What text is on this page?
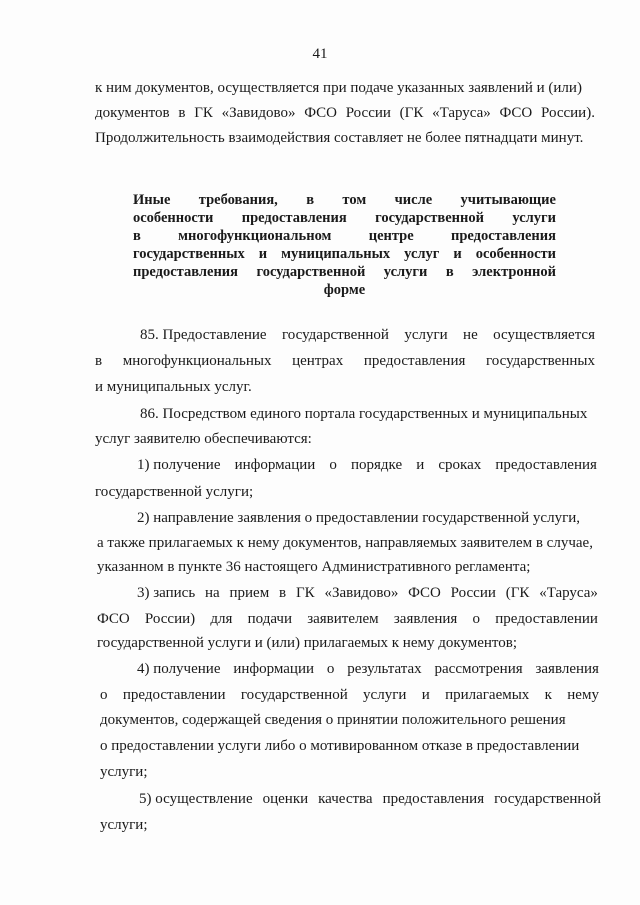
41
к ним документов, осуществляется при подаче указанных заявлений и (или)
документов в ГК «Завидово» ФСО России (ГК «Таруса» ФСО России).
Продолжительность взаимодействия составляет не более пятнадцати минут.
Иные требования, в том числе учитывающие
особенности предоставления государственной услуги
в	многофункциональном	центре	предоставления
государственных и муниципальных услуг и особенности
предоставления государственной услуги в электронной
форме
85. Предоставление государственной услуги не осуществляется
в многофункциональных центрах предоставления государственных
и муниципальных услуг.
86. Посредством единого портала государственных и муниципальных
услуг заявителю обеспечиваются:
1) получение информации о порядке и сроках предоставления
государственной услуги;
2) направление заявления о предоставлении государственной услуги,
а также прилагаемых к нему документов, направляемых заявителем в случае,
указанном в пункте 36 настоящего Административного регламента;
3) запись на прием в ГК «Завидово» ФСО России (ГК «Таруса»
ФСО России) для подачи заявителем заявления о предоставлении
государственной услуги и (или) прилагаемых к нему документов;
4) получение информации о результатах рассмотрения заявления
о предоставлении государственной услуги и прилагаемых к нему
документов, содержащей сведения о принятии положительного решения
о предоставлении услуги либо о мотивированном отказе в предоставлении
услуги;
5) осуществление оценки качества предоставления государственной
услуги;
